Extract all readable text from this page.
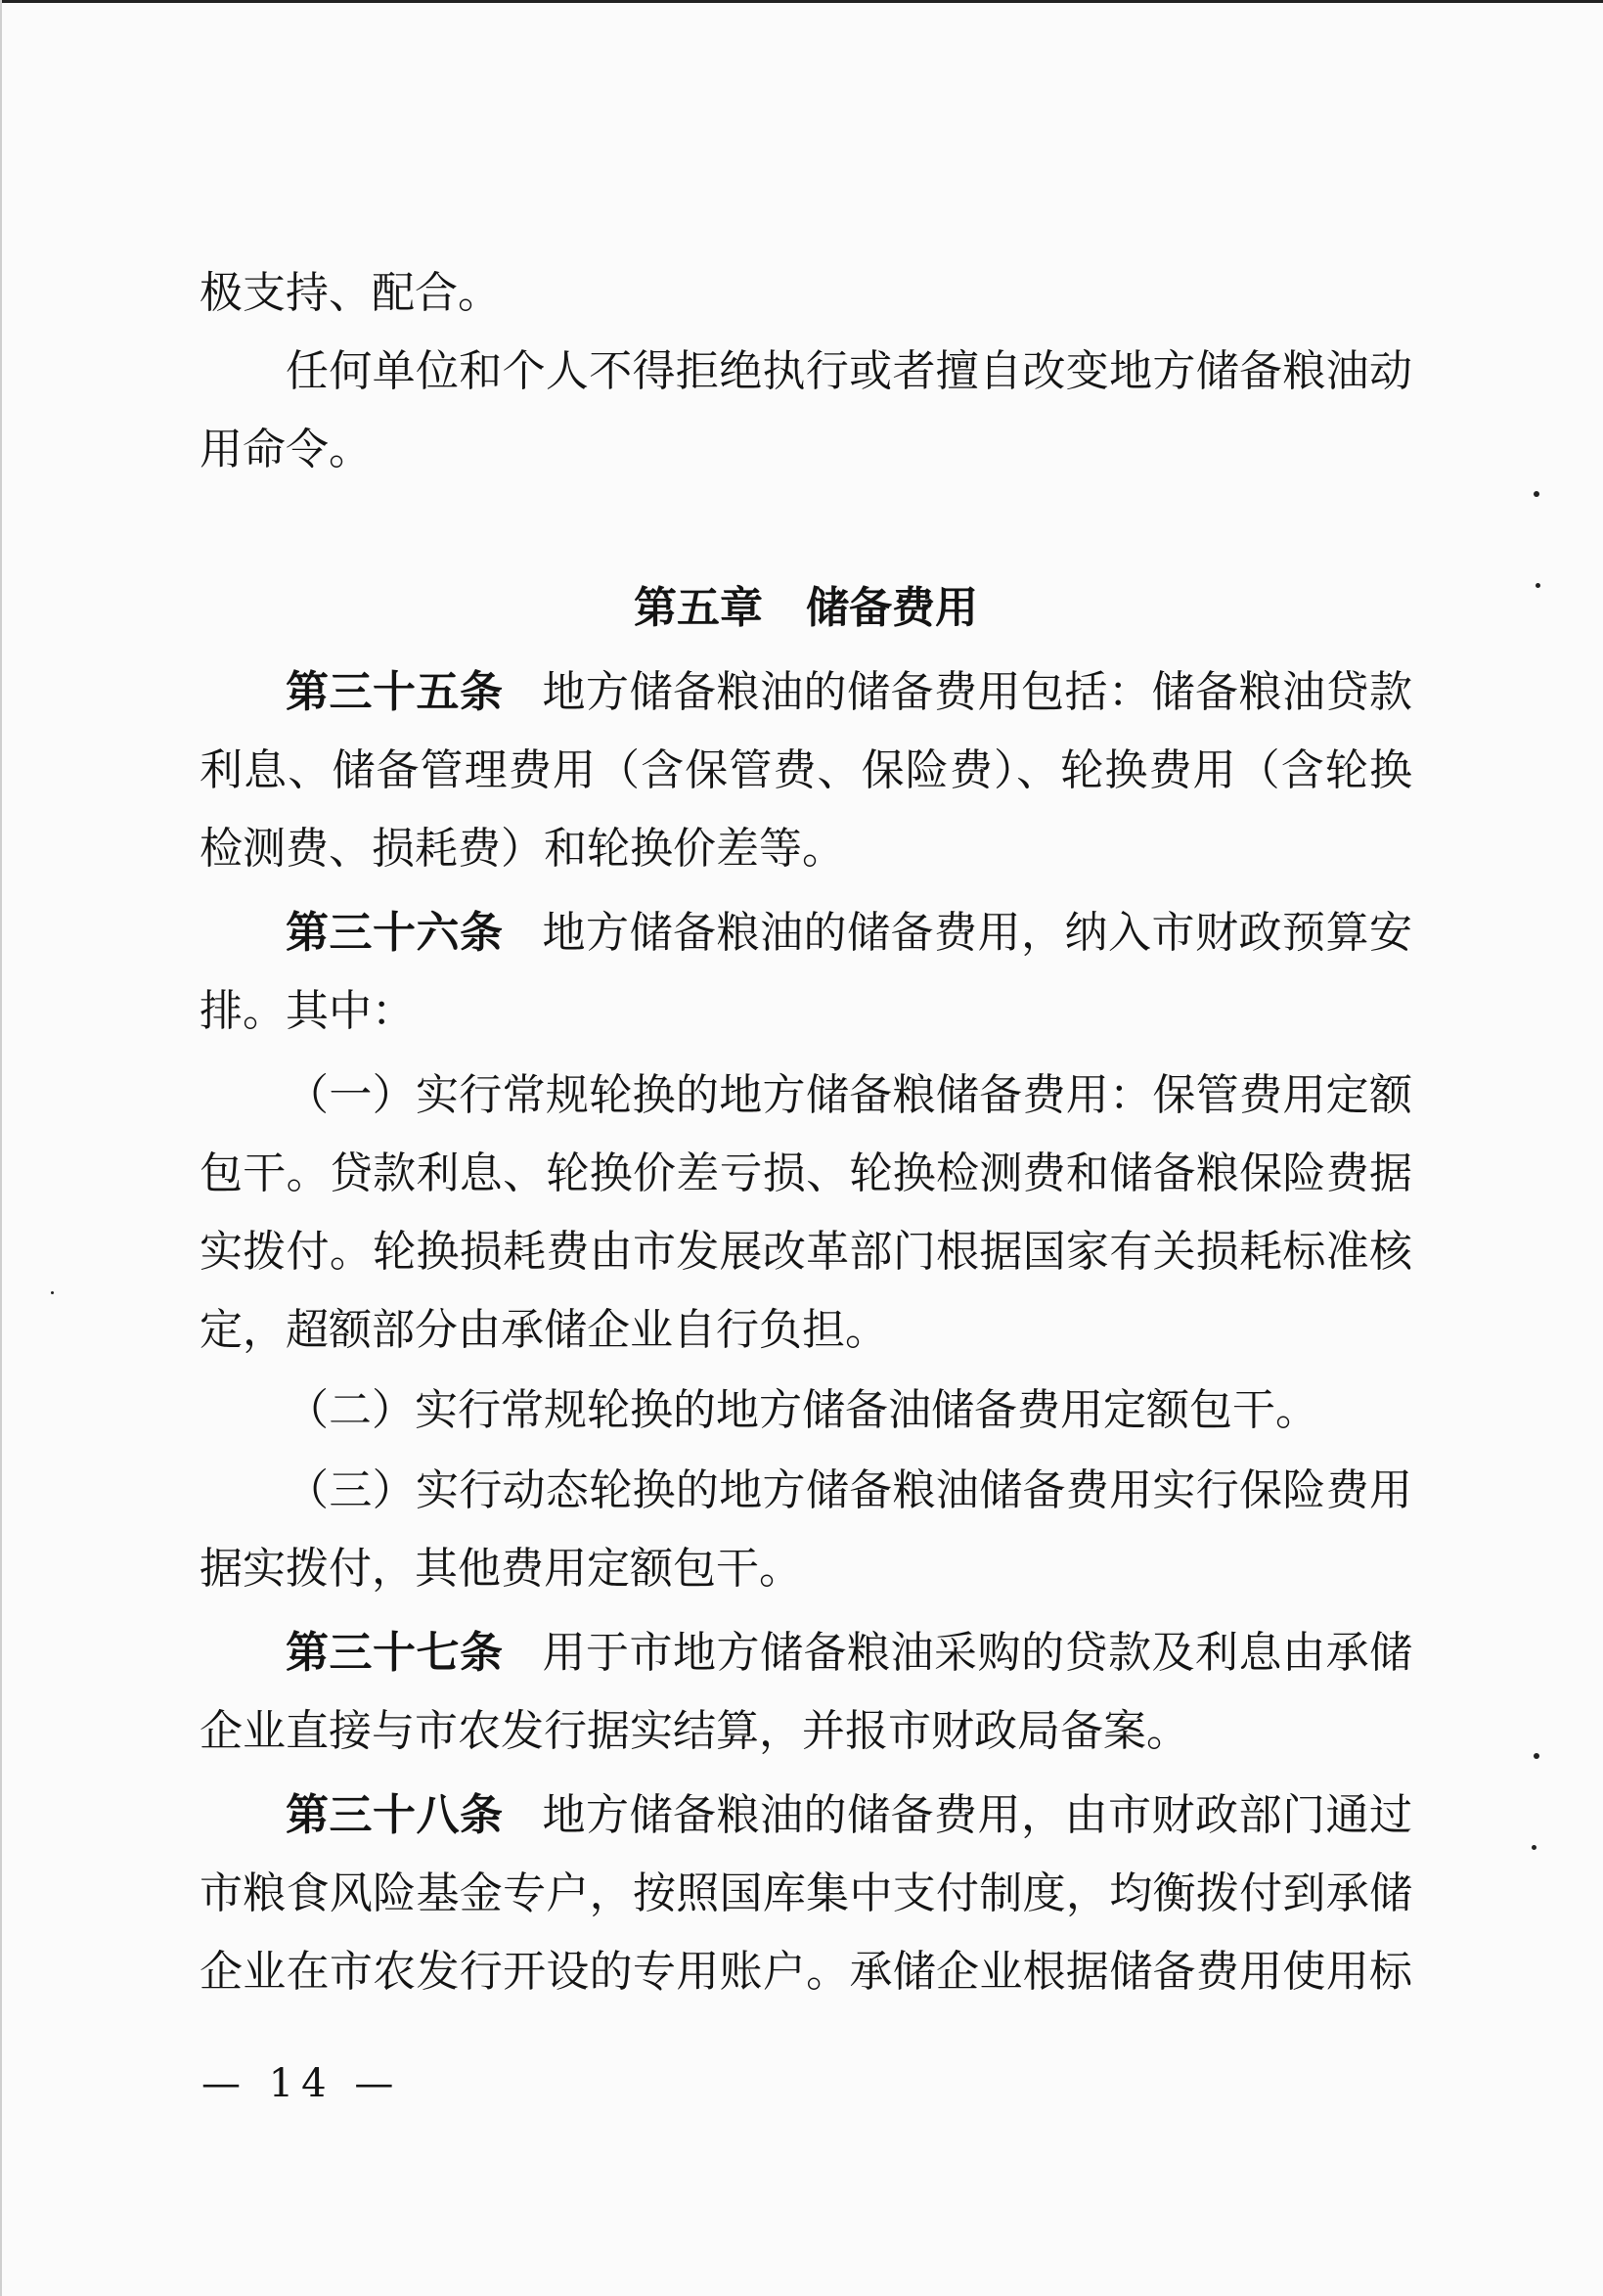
极支持、配合。

任何单位和个人不得拒绝执行或者擅自改变地方储备粮油动

用命令。

第五章　储备费用

第三十五条 地方储备粮油的储备费用包括：储备粮油贷款

利息、储备管理费用（含保管费、保险费）、轮换费用（含轮换

检测费、损耗费）和轮换价差等。

第三十六条 地方储备粮油的储备费用，纳入市财政预算安

排。其中：

（一）实行常规轮换的地方储备粮储备费用：保管费用定额

包干。贷款利息、轮换价差亏损、轮换检测费和储备粮保险费据

实拨付。轮换损耗费由市发展改革部门根据国家有关损耗标准核

定，超额部分由承储企业自行负担。

（二）实行常规轮换的地方储备油储备费用定额包干。

（三）实行动态轮换的地方储备粮油储备费用实行保险费用

据实拨付，其他费用定额包干。

第三十七条 用于市地方储备粮油采购的贷款及利息由承储

企业直接与市农发行据实结算，并报市财政局备案。

第三十八条 地方储备粮油的储备费用，由市财政部门通过

市粮食风险基金专户，按照国库集中支付制度，均衡拨付到承储

企业在市农发行开设的专用账户。承储企业根据储备费用使用标

— 14 —
